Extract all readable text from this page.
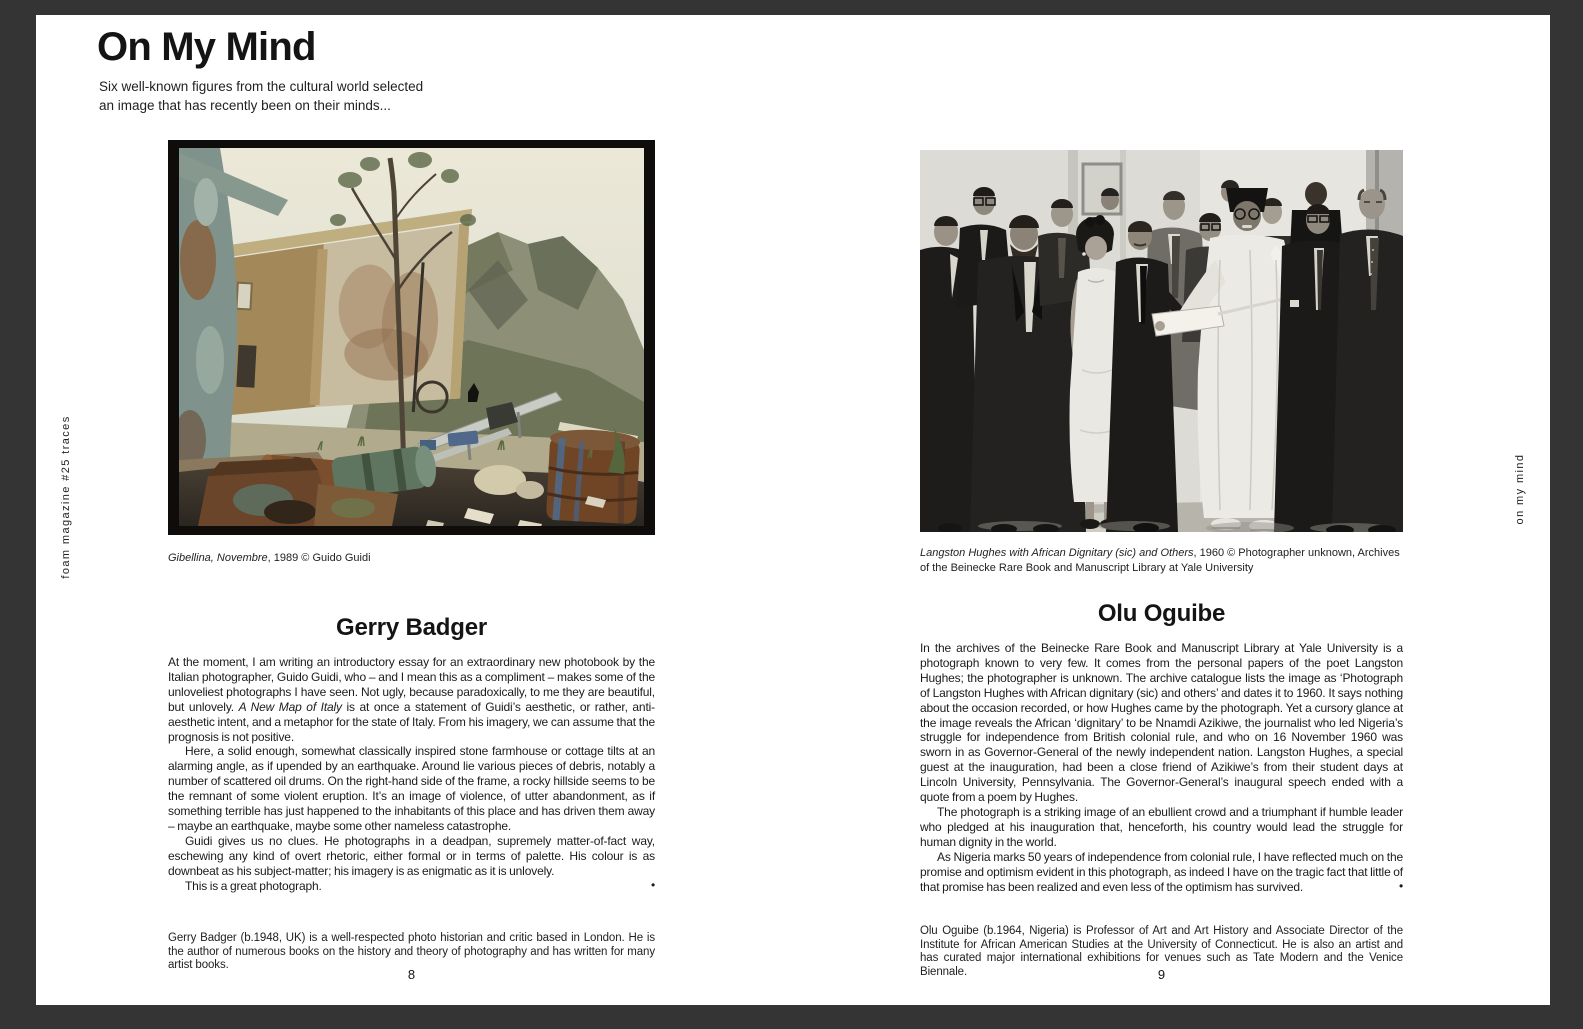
On My Mind
Six well-known figures from the cultural world selected
an image that has recently been on their minds...
foam magazine #25 traces	on my mind
Gibellina, Novembre, 1989 © Guido Guidi	Langston Hughes with African Dignitary (sic) and Others, 1960 © Photographer unknown, Archives of the Beinecke Rare Book and Manuscript Library at Yale University
Gerry Badger
Olu Oguibe

At the moment, I am writing an introductory essay for an extraordinary new photobook by the Italian photographer, Guido Guidi, who – and I mean this as a compliment – makes some of the unloveliest photographs I have seen. Not ugly, because paradoxically, to me they are beautiful, but unlovely. A New Map of Italy is at once a statement of Guidi’s aesthetic, or rather, anti-aesthetic intent, and a metaphor for the state of Italy. From his imagery, we can assume that the prognosis is not positive.

Here, a solid enough, somewhat classically inspired stone farmhouse or cottage tilts at an alarming angle, as if upended by an earthquake. Around lie various pieces of debris, notably a number of scattered oil drums. On the right-hand side of the frame, a rocky hillside seems to be the remnant of some violent eruption. It’s an image of violence, of utter abandonment, as if something terrible has just happened to the inhabitants of this place and has driven them away – maybe an earthquake, maybe some other nameless catastrophe.

Guidi gives us no clues. He photographs in a deadpan, supremely matter-of-fact way, eschewing any kind of overt rhetoric, either formal or in terms of palette. His colour is as downbeat as his subject-matter; his imagery is as enigmatic as it is unlovely.

This is a great photograph.	•

In the archives of the Beinecke Rare Book and Manuscript Library at Yale University is a photograph known to very few. It comes from the personal papers of the poet Langston Hughes; the photographer is unknown. The archive catalogue lists the image as ‘Photograph of Langston Hughes with African dignitary (sic) and others’ and dates it to 1960. It says nothing about the occasion recorded, or how Hughes came by the photograph. Yet a cursory glance at the image reveals the African ‘dignitary’ to be Nnamdi Azikiwe, the journalist who led Nigeria’s struggle for independence from British colonial rule, and who on 16 November 1960 was sworn in as Governor-General of the newly independent nation. Langston Hughes, a special guest at the inauguration, had been a close friend of Azikiwe’s from their student days at Lincoln University, Pennsylvania. The Governor-General’s inaugural speech ended with a quote from a poem by Hughes.

The photograph is a striking image of an ebullient crowd and a triumphant if humble leader who pledged at his inauguration that, henceforth, his country would lead the struggle for human dignity in the world.

As Nigeria marks 50 years of independence from colonial rule, I have reflected much on the promise and optimism evident in this photograph, as indeed I have on the tragic fact that little of that promise has been realized and even less of the optimism has survived.	•

Gerry Badger (b.1948, UK) is a well-respected photo historian and critic based in London. He is the author of numerous books on the history and theory of photography and has written for many artist books.
Olu Oguibe (b.1964, Nigeria) is Professor of Art and Art History and Associate Director of the Institute for African American Studies at the University of Connecticut. He is also an artist and has curated major international exhibitions for venues such as Tate Modern and the Venice Biennale.
8	9
